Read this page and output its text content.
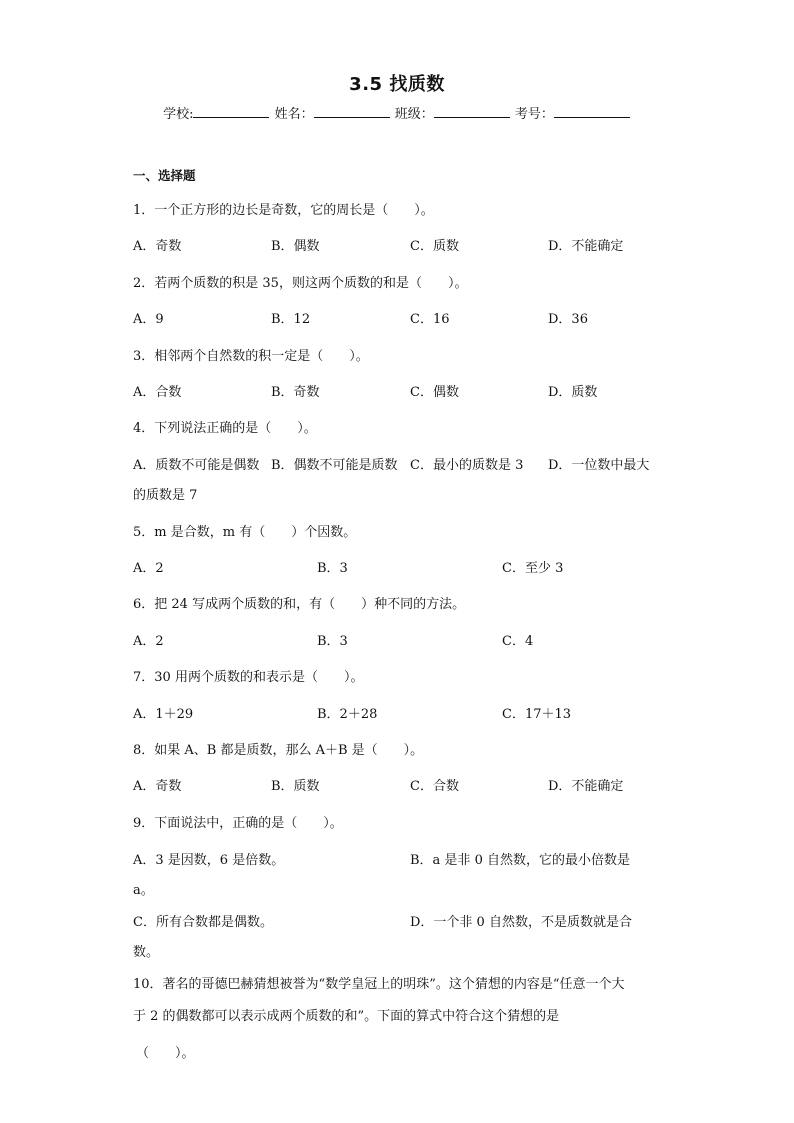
3.5 找质数
学校:	姓名：	班级：	考号：
一、选择题
1．一个正方形的边长是奇数，它的周长是（　　）。
A．奇数	B．偶数	C．质数	D．不能确定
2．若两个质数的积是 35，则这两个质数的和是（　　）。
A．9	B．12	C．16	D．36
3．相邻两个自然数的积一定是（　　）。
A．合数	B．奇数	C．偶数	D．质数
4．下列说法正确的是（　　）。
A．质数不可能是偶数 B．偶数不可能是质数 C．最小的质数是 3 D．一位数中最大
的质数是 7
5．m 是合数，m 有（　　）个因数。
A．2	B．3	C．至少 3
6．把 24 写成两个质数的和，有（　　）种不同的方法。
A．2	B．3	C．4
7．30 用两个质数的和表示是（　　）。
A．1＋29	B．2＋28	C．17＋13
8．如果 A、B 都是质数，那么 A＋B 是（　　）。
A．奇数	B．质数	C．合数	D．不能确定
9．下面说法中，正确的是（　　）。
A．3 是因数，6 是倍数。	B．a 是非 0 自然数，它的最小倍数是
a。
C．所有合数都是偶数。	D．一个非 0 自然数，不是质数就是合
数。
10．著名的哥德巴赫猜想被誉为“数学皇冠上的明珠”。这个猜想的内容是“任意一个大
于 2 的偶数都可以表示成两个质数的和”。下面的算式中符合这个猜想的是
（　　）。
